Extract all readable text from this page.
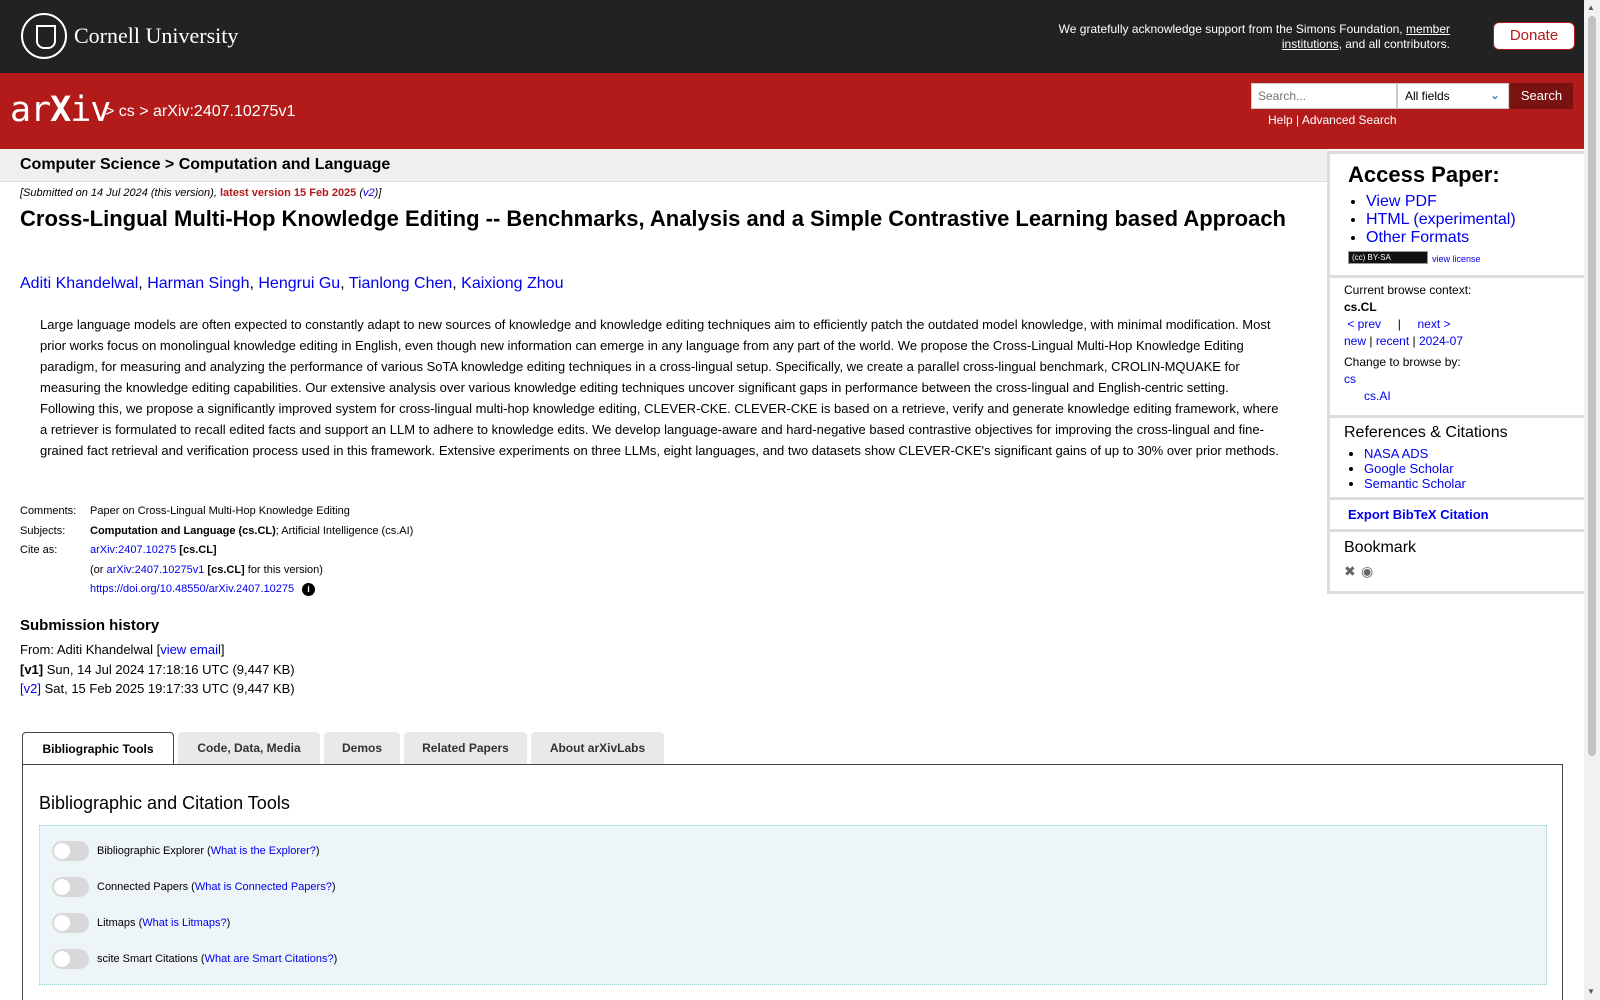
Cornell University	We gratefully acknowledge support from the Simons Foundation, member institutions, and all contributors.	Donate
arXiv
> cs > arXiv:2407.10275v1
Search...
All fields	⌄	Search
Help | Advanced Search
▲
▼
Computer Science > Computation and Language
[Submitted on 14 Jul 2024 (this version), latest version 15 Feb 2025 (v2)]
Cross-Lingual Multi-Hop Knowledge Editing -- Benchmarks, Analysis and a Simple Contrastive Learning based Approach
Aditi Khandelwal, Harman Singh, Hengrui Gu, Tianlong Chen, Kaixiong Zhou

Large language models are often expected to constantly adapt to new sources of knowledge and knowledge editing techniques aim to efficiently patch the outdated model knowledge, with minimal modification. Most prior works focus on monolingual knowledge editing in English, even though new information can emerge in any language from any part of the world. We propose the Cross-Lingual Multi-Hop Knowledge Editing paradigm, for measuring and analyzing the performance of various SoTA knowledge editing techniques in a cross-lingual setup. Specifically, we create a parallel cross-lingual benchmark, CROLIN-MQUAKE for measuring the knowledge editing capabilities. Our extensive analysis over various knowledge editing techniques uncover significant gaps in performance between the cross-lingual and English-centric setting. Following this, we propose a significantly improved system for cross-lingual multi-hop knowledge editing, CLEVER-CKE. CLEVER-CKE is based on a retrieve, verify and generate knowledge editing framework, where a retriever is formulated to recall edited facts and support an LLM to adhere to knowledge edits. We develop language-aware and hard-negative based contrastive objectives for improving the cross-lingual and fine-grained fact retrieval and verification process used in this framework. Extensive experiments on three LLMs, eight languages, and two datasets show CLEVER-CKE's significant gains of up to 30% over prior methods.

Comments:	Paper on Cross-Lingual Multi-Hop Knowledge Editing
Subjects:	Computation and Language (cs.CL); Artificial Intelligence (cs.AI)
Cite as:	arXiv:2407.10275 [cs.CL]
(or arXiv:2407.10275v1 [cs.CL] for this version)
https://doi.org/10.48550/arXiv.2407.10275 i
Submission history
From: Aditi Khandelwal [view email]
[v1] Sun, 14 Jul 2024 17:18:16 UTC (9,447 KB)
[v2] Sat, 15 Feb 2025 19:17:33 UTC (9,447 KB)
Access Paper:
• View PDF
• HTML (experimental)
• Other Formats
(cc) BY-SA	view license
Current browse context:
cs.CL
< prev | next >
new | recent | 2024-07
Change to browse by:
cs
cs.AI
References & Citations
• NASA ADS
• Google Scholar
• Semantic Scholar
Export BibTeX Citation
Bookmark
✖ ◉
Bibliographic Tools	Code, Data, Media	Demos	Related Papers	About arXivLabs
Bibliographic and Citation Tools
Bibliographic Explorer ( What is the Explorer? )
Connected Papers ( What is Connected Papers? )
Litmaps ( What is Litmaps? )
scite Smart Citations ( What are Smart Citations? )
